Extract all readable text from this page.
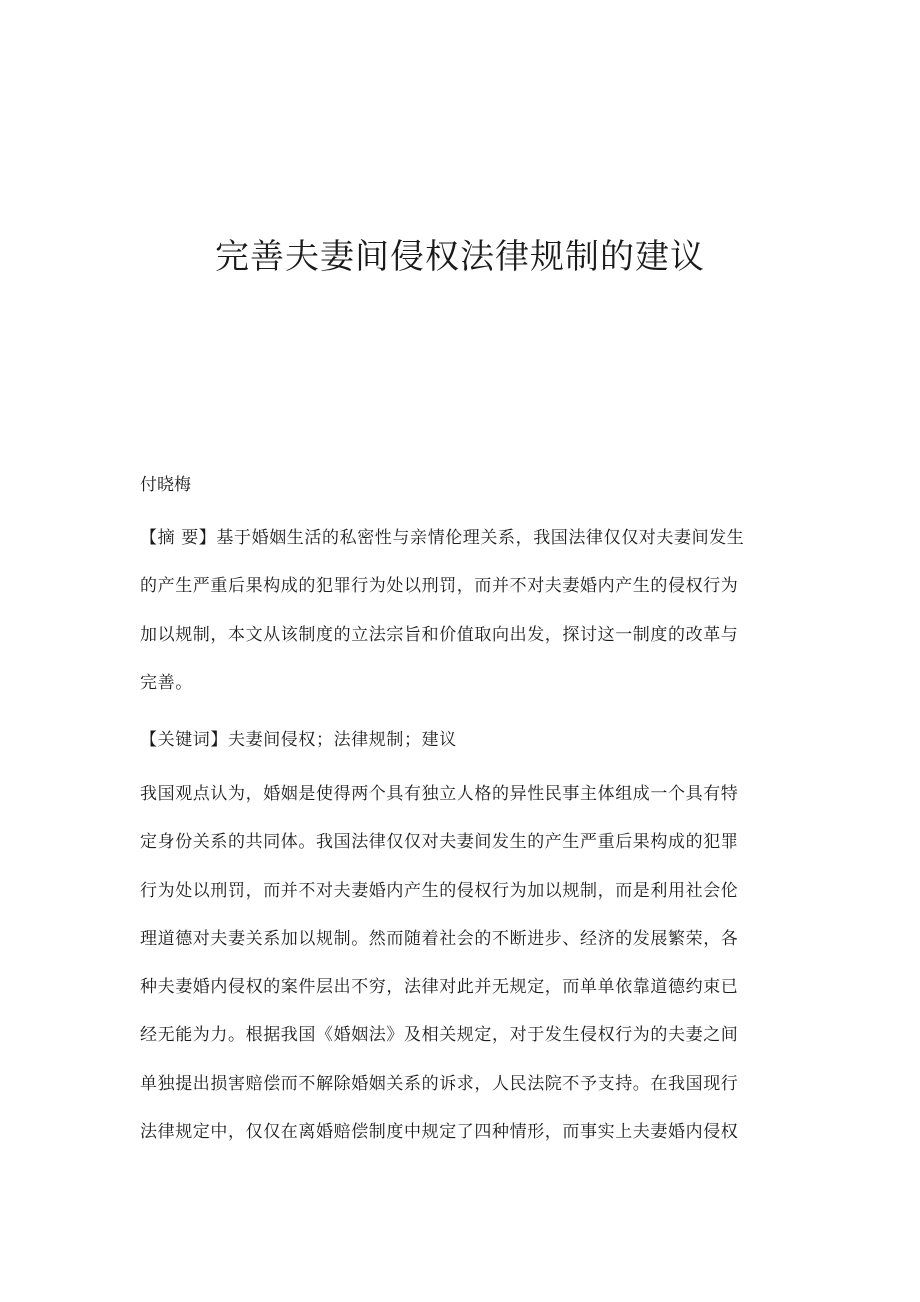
完善夫妻间侵权法律规制的建议
付晓梅
【摘 要】基于婚姻生活的私密性与亲情伦理关系，我国法律仅仅对夫妻间发生
的产生严重后果构成的犯罪行为处以刑罚，而并不对夫妻婚内产生的侵权行为
加以规制，本文从该制度的立法宗旨和价值取向出发，探讨这一制度的改革与
完善。
【关键词】夫妻间侵权；法律规制；建议
我国观点认为，婚姻是使得两个具有独立人格的异性民事主体组成一个具有特
定身份关系的共同体。我国法律仅仅对夫妻间发生的产生严重后果构成的犯罪
行为处以刑罚，而并不对夫妻婚内产生的侵权行为加以规制，而是利用社会伦
理道德对夫妻关系加以规制。然而随着社会的不断进步、经济的发展繁荣，各
种夫妻婚内侵权的案件层出不穷，法律对此并无规定，而单单依靠道德约束已
经无能为力。根据我国《婚姻法》及相关规定，对于发生侵权行为的夫妻之间
单独提出损害赔偿而不解除婚姻关系的诉求，人民法院不予支持。在我国现行
法律规定中，仅仅在离婚赔偿制度中规定了四种情形，而事实上夫妻婚内侵权
